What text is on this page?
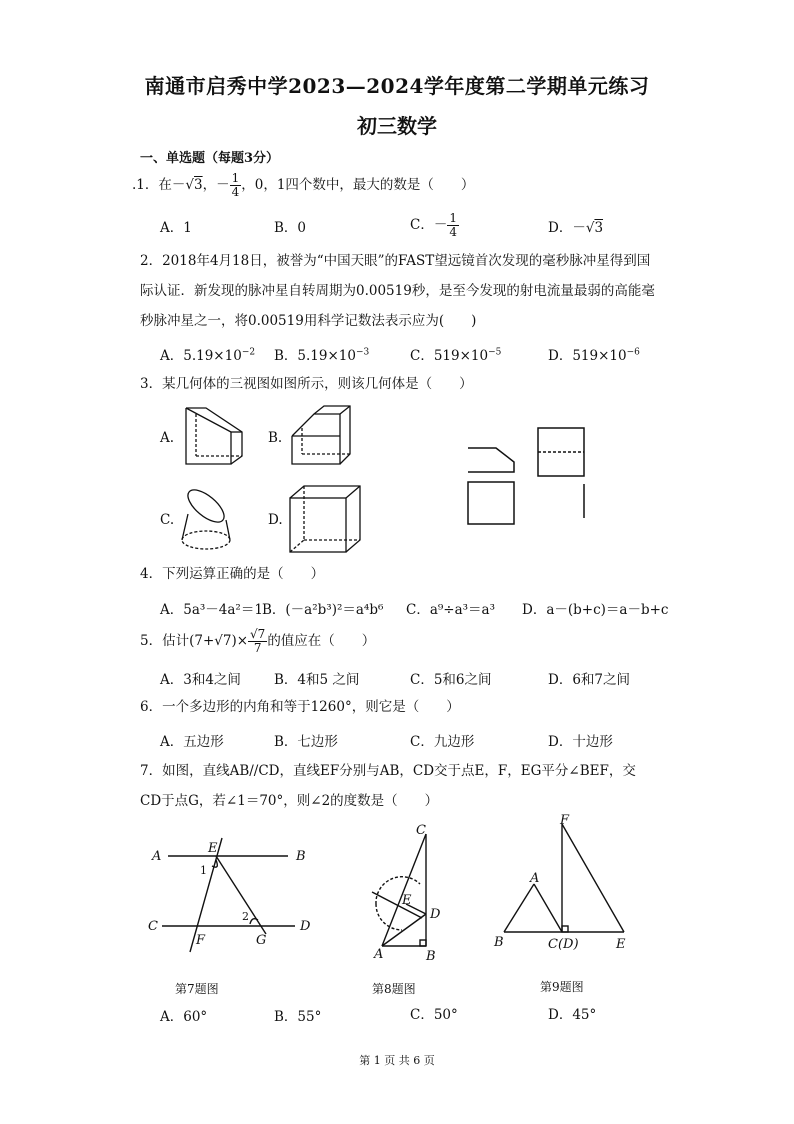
南通市启秀中学2023—2024学年度第二学期单元练习
初三数学
一、单选题（每题3分）
.1．在－√3，－ $\frac{1}{4}$ ，0，1四个数中，最大的数是（　　）
A．1	B．0	C．－ $\frac{1}{4}$	D．－√3
2．2018年4月18日，被誉为“中国天眼”的FAST望远镜首次发现的毫秒脉冲星得到国
际认证．新发现的脉冲星自转周期为0.00519秒，是至今发现的射电流量最弱的高能毫
秒脉冲星之一，将0.00519用科学记数法表示应为(　　)
A．$5.19\times 10^{-2}$ B．$5.19\times 10^{-3}$	C．$519\times 10^{-5}$	D．$519\times 10^{-6}$
3．某几何体的三视图如图所示，则该几何体是（　　）
A.	B.
C.	D.
4．下列运算正确的是（　　）
A．5a³－4a²＝1 B．(－a²b³)²＝a⁴b⁶ C．a⁹÷a³＝a³ D．a－(b+c)＝a－b+c
5．估计$(7+√7)\times \frac{√7}{7}$ 的值应在（　　）
A．3和4之间 B．4和5 之间	C．5和6之间	D．6和7之间
6．一个多边形的内角和等于1260°，则它是（　　）
A．五边形	B．七边形	C．九边形	D．十边形
7．如图，直线AB//CD，直线EF分别与AB，CD交于点E，F，EG平分∠BEF，交
CD于点G，若∠1＝70°，则∠2的度数是（　　）
A
E
B
1
2
C	D
F	G
第7题图
C
E
D
A	B
第8题图
F
A
B	C(D)	E
第9题图
A．60°	B．55°	C．50°	D．45°
第 1 页 共 6 页
